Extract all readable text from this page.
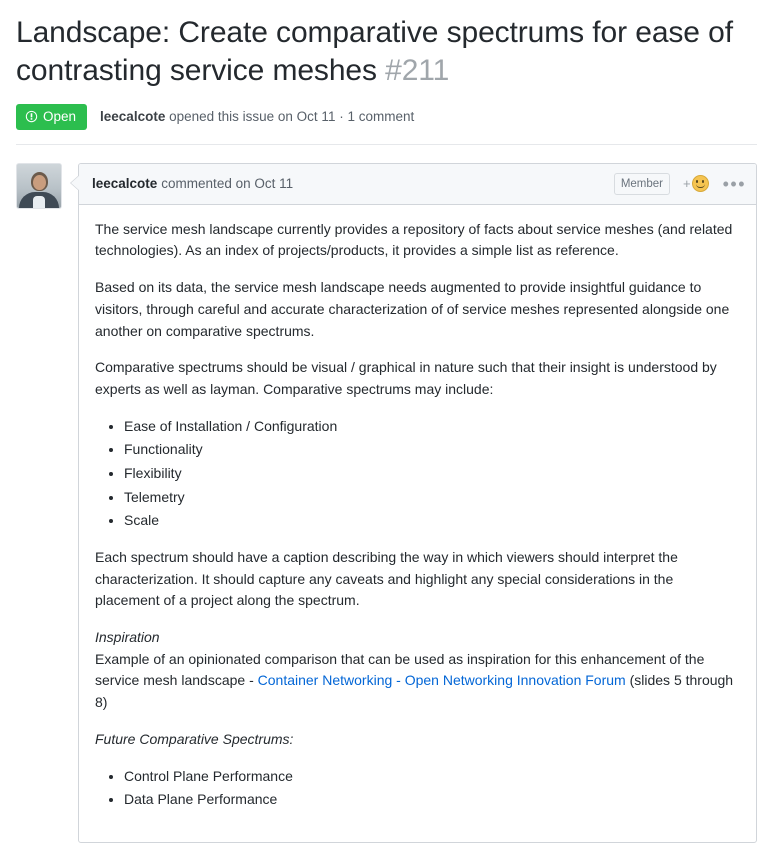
Landscape: Create comparative spectrums for ease of contrasting service meshes #211
Open leecalcote opened this issue on Oct 11 · 1 comment
leecalcote commented on Oct 11	Member	+ •••

The service mesh landscape currently provides a repository of facts about service meshes (and related technologies). As an index of projects/products, it provides a simple list as reference.

Based on its data, the service mesh landscape needs augmented to provide insightful guidance to visitors, through careful and accurate characterization of of service meshes represented alongside one another on comparative spectrums.

Comparative spectrums should be visual / graphical in nature such that their insight is understood by experts as well as layman. Comparative spectrums may include:

• Ease of Installation / Configuration
• Functionality
• Flexibility
• Telemetry
• Scale

Each spectrum should have a caption describing the way in which viewers should interpret the characterization. It should capture any caveats and highlight any special considerations in the placement of a project along the spectrum.

Inspiration

Example of an opinionated comparison that can be used as inspiration for this enhancement of the service mesh landscape - Container Networking - Open Networking Innovation Forum (slides 5 through 8)

Future Comparative Spectrums:

• Control Plane Performance
• Data Plane Performance
